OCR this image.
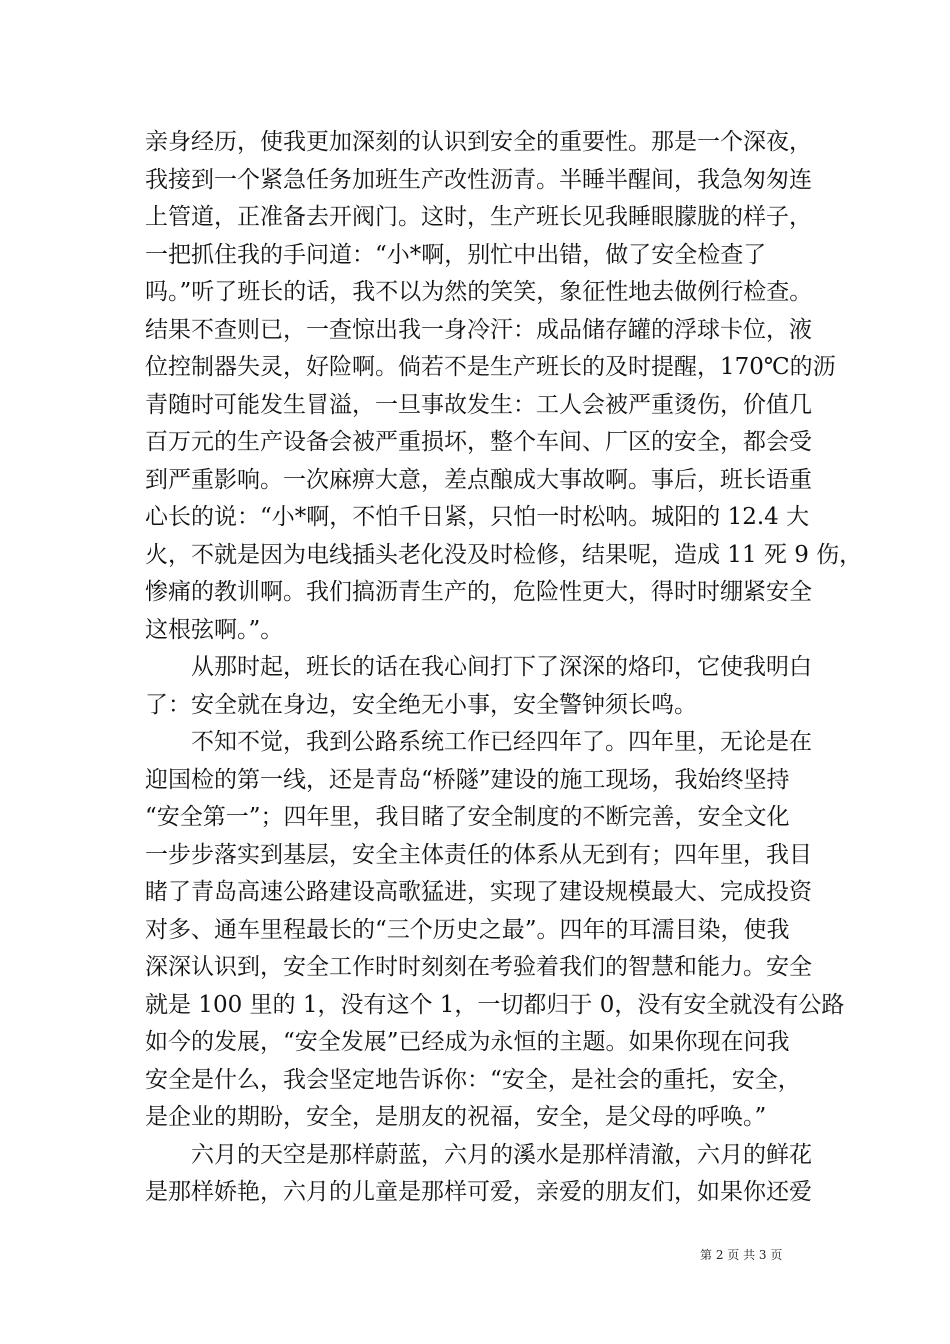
亲身经历，使我更加深刻的认识到安全的重要性。那是一个深夜，
我接到一个紧急任务加班生产改性沥青。半睡半醒间，我急匆匆连
上管道，正准备去开阀门。这时，生产班长见我睡眼朦胧的样子，
一把抓住我的手问道：“小*啊，别忙中出错，做了安全检查了
吗。”听了班长的话，我不以为然的笑笑，象征性地去做例行检查。
结果不查则已，一查惊出我一身冷汗：成品储存罐的浮球卡位，液
位控制器失灵，好险啊。倘若不是生产班长的及时提醒，170℃的沥
青随时可能发生冒溢，一旦事故发生：工人会被严重烫伤，价值几
百万元的生产设备会被严重损坏，整个车间、厂区的安全，都会受
到严重影响。一次麻痹大意，差点酿成大事故啊。事后，班长语重
心长的说：“小*啊，不怕千日紧，只怕一时松呐。城阳的 12.4 大
火，不就是因为电线插头老化没及时检修，结果呢，造成 11 死 9 伤，
惨痛的教训啊。我们搞沥青生产的，危险性更大，得时时绷紧安全
这根弦啊。”。
　　从那时起，班长的话在我心间打下了深深的烙印，它使我明白
了：安全就在身边，安全绝无小事，安全警钟须长鸣。
　　不知不觉，我到公路系统工作已经四年了。四年里，无论是在
迎国检的第一线，还是青岛“桥隧”建设的施工现场，我始终坚持
“安全第一”；四年里，我目睹了安全制度的不断完善，安全文化
一步步落实到基层，安全主体责任的体系从无到有；四年里，我目
睹了青岛高速公路建设高歌猛进，实现了建设规模最大、完成投资
对多、通车里程最长的“三个历史之最”。四年的耳濡目染，使我
深深认识到，安全工作时时刻刻在考验着我们的智慧和能力。安全
就是 100 里的 1，没有这个 1，一切都归于 0，没有安全就没有公路
如今的发展，“安全发展”已经成为永恒的主题。如果你现在问我
安全是什么，我会坚定地告诉你：“安全，是社会的重托，安全，
是企业的期盼，安全，是朋友的祝福，安全，是父母的呼唤。”
　　六月的天空是那样蔚蓝，六月的溪水是那样清澈，六月的鲜花
是那样娇艳，六月的儿童是那样可爱，亲爱的朋友们，如果你还爱
第 2 页 共 3 页
